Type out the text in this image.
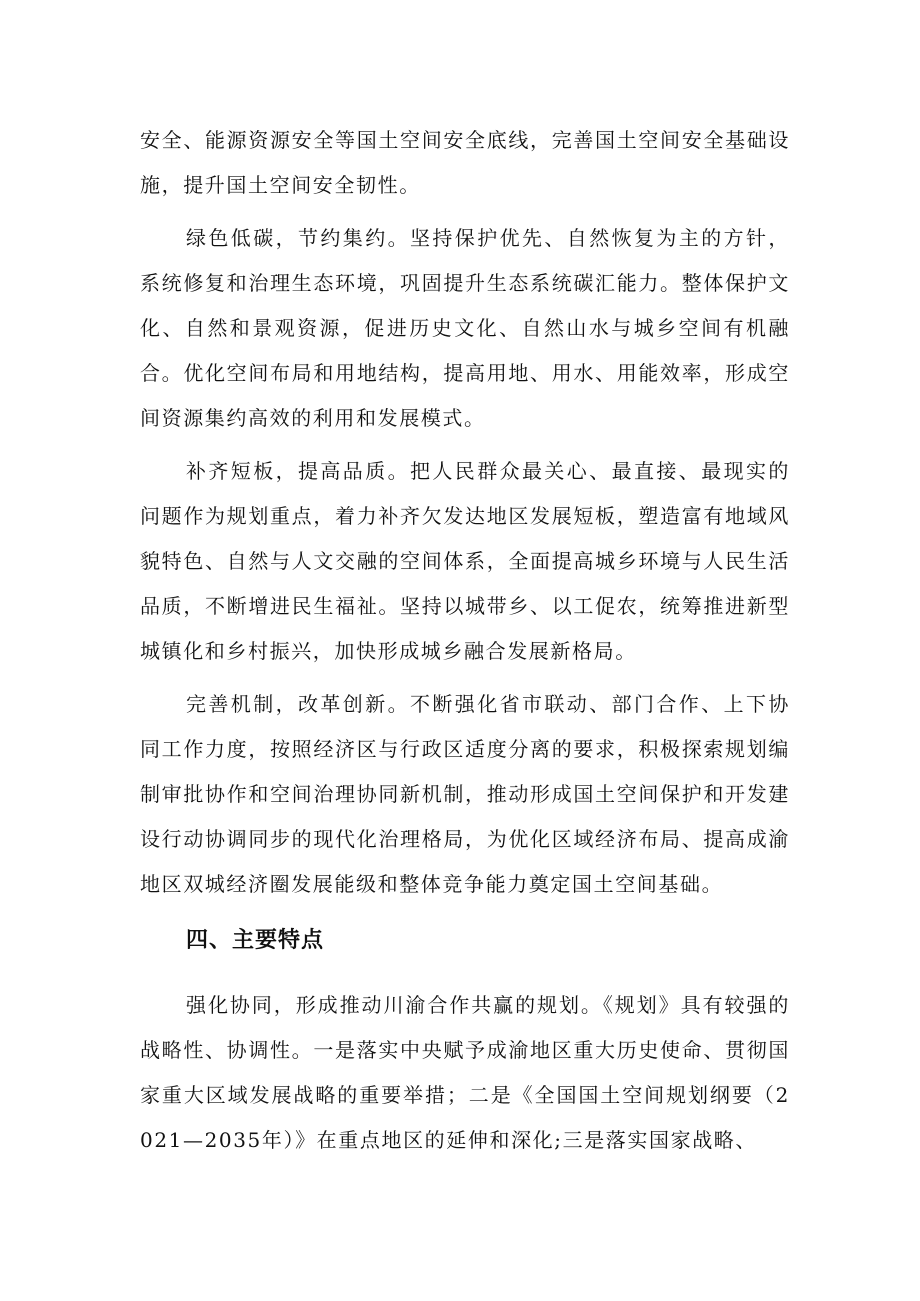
安全、能源资源安全等国土空间安全底线，完善国土空间安全基础设施，提升国土空间安全韧性。

绿色低碳，节约集约。坚持保护优先、自然恢复为主的方针，系统修复和治理生态环境，巩固提升生态系统碳汇能力。整体保护文化、自然和景观资源，促进历史文化、自然山水与城乡空间有机融合。优化空间布局和用地结构，提高用地、用水、用能效率，形成空间资源集约高效的利用和发展模式。

补齐短板，提高品质。把人民群众最关心、最直接、最现实的问题作为规划重点，着力补齐欠发达地区发展短板，塑造富有地域风貌特色、自然与人文交融的空间体系，全面提高城乡环境与人民生活品质，不断增进民生福祉。坚持以城带乡、以工促农，统筹推进新型城镇化和乡村振兴，加快形成城乡融合发展新格局。

完善机制，改革创新。不断强化省市联动、部门合作、上下协同工作力度，按照经济区与行政区适度分离的要求，积极探索规划编制审批协作和空间治理协同新机制，推动形成国土空间保护和开发建设行动协调同步的现代化治理格局，为优化区域经济布局、提高成渝地区双城经济圈发展能级和整体竞争能力奠定国土空间基础。

四、主要特点

强化协同，形成推动川渝合作共赢的规划。《规划》具有较强的战略性、协调性。一是落实中央赋予成渝地区重大历史使命、贯彻国家重大区域发展战略的重要举措；二是《全国国土空间规划纲要（2021—2035年）》在重点地区的延伸和深化;三是落实国家战略、
